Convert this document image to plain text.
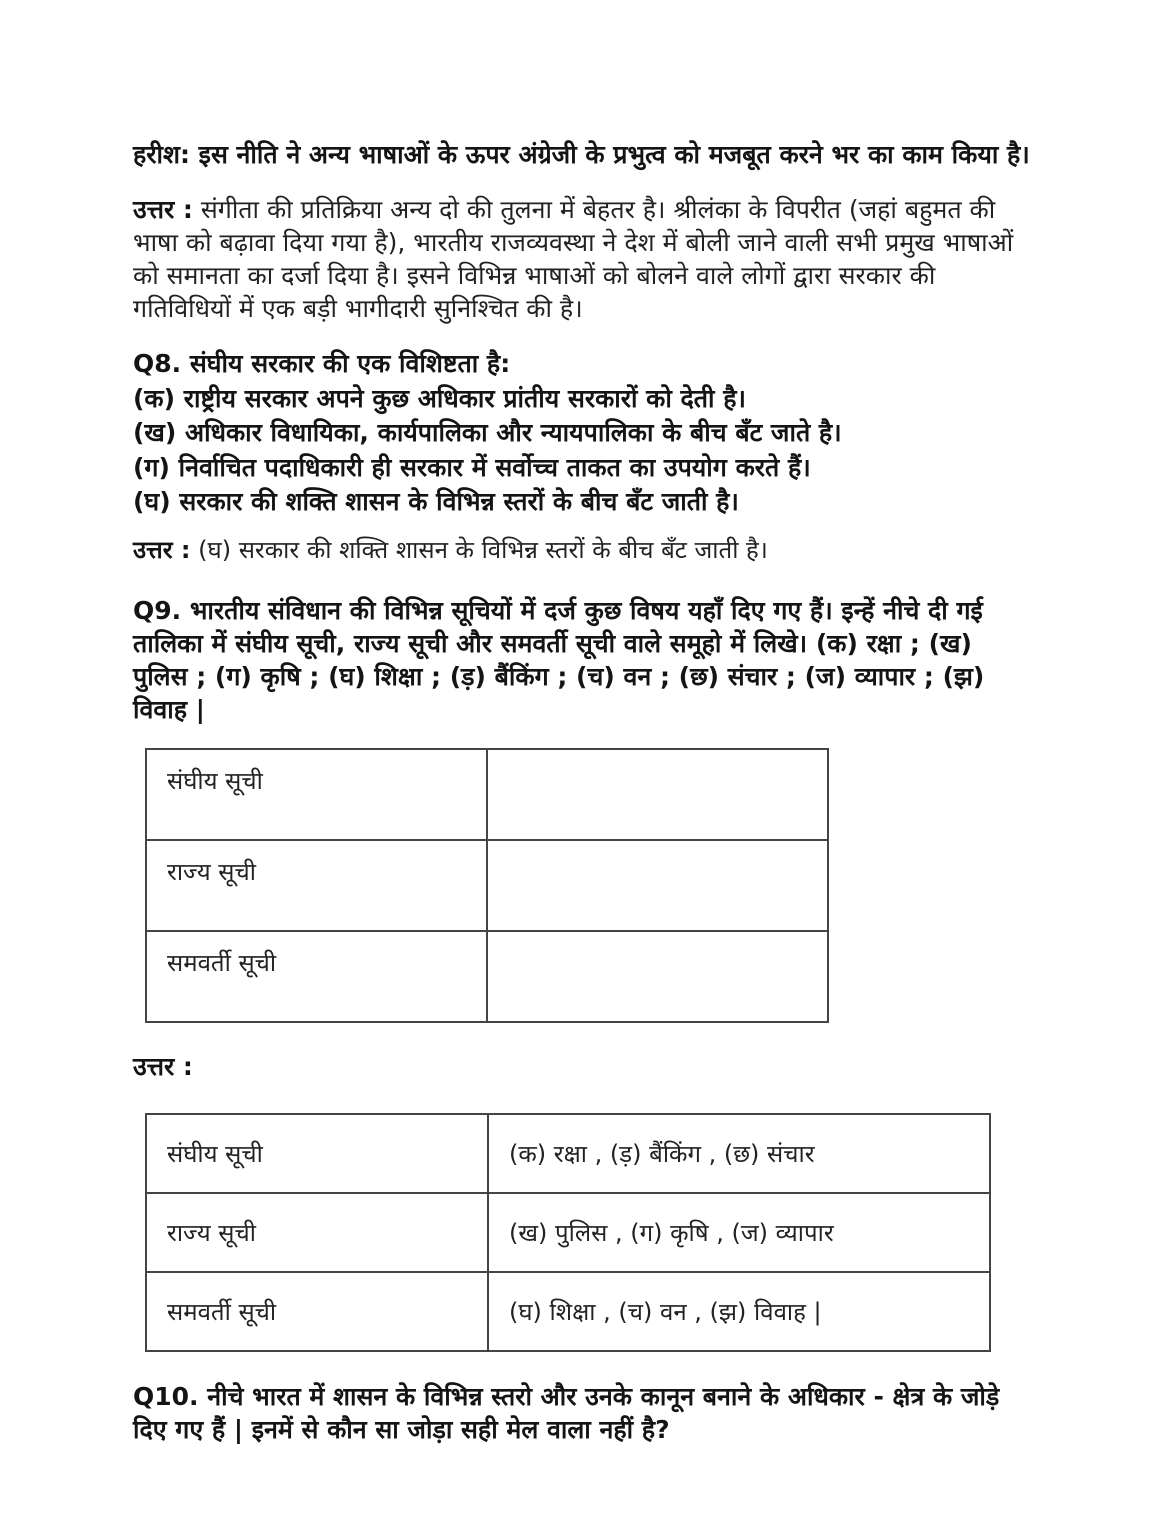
हरीश: इस नीति ने अन्य भाषाओं के ऊपर अंग्रेजी के प्रभुत्व को मजबूत करने भर का काम किया है।

उत्तर : संगीता की प्रतिक्रिया अन्य दो की तुलना में बेहतर है। श्रीलंका के विपरीत (जहां बहुमत की भाषा को बढ़ावा दिया गया है), भारतीय राजव्यवस्था ने देश में बोली जाने वाली सभी प्रमुख भाषाओं को समानता का दर्जा दिया है। इसने विभिन्न भाषाओं को बोलने वाले लोगों द्वारा सरकार की गतिविधियों में एक बड़ी भागीदारी सुनिश्चित की है।

Q8. संघीय सरकार की एक विशिष्टता है:
(क) राष्ट्रीय सरकार अपने कुछ अधिकार प्रांतीय सरकारों को देती है।
(ख) अधिकार विधायिका, कार्यपालिका और न्यायपालिका के बीच बँट जाते है।
(ग) निर्वाचित पदाधिकारी ही सरकार में सर्वोच्च ताकत का उपयोग करते हैं।
(घ) सरकार की शक्ति शासन के विभिन्न स्तरों के बीच बँट जाती है।

उत्तर : (घ) सरकार की शक्ति शासन के विभिन्न स्तरों के बीच बँट जाती है।

Q9. भारतीय संविधान की विभिन्न सूचियों में दर्ज कुछ विषय यहाँ दिए गए हैं। इन्हें नीचे दी गई तालिका में संघीय सूची, राज्य सूची और समवर्ती सूची वाले समूहो में लिखे। (क) रक्षा ; (ख) पुलिस ; (ग) कृषि ; (घ) शिक्षा ; (ड़) बैंकिंग ; (च) वन ; (छ) संचार ; (ज) व्यापार ; (झ) विवाह |

संघीय सूची	
राज्य सूची	
समवर्ती सूची	

उत्तर :

संघीय सूची	(क) रक्षा , (ड़) बैंकिंग , (छ) संचार
राज्य सूची	(ख) पुलिस , (ग) कृषि , (ज) व्यापार
समवर्ती सूची	(घ) शिक्षा , (च) वन , (झ) विवाह |

Q10. नीचे भारत में शासन के विभिन्न स्तरो और उनके कानून बनाने के अधिकार - क्षेत्र के जोड़े दिए गए हैं | इनमें से कौन सा जोड़ा सही मेल वाला नहीं है?
